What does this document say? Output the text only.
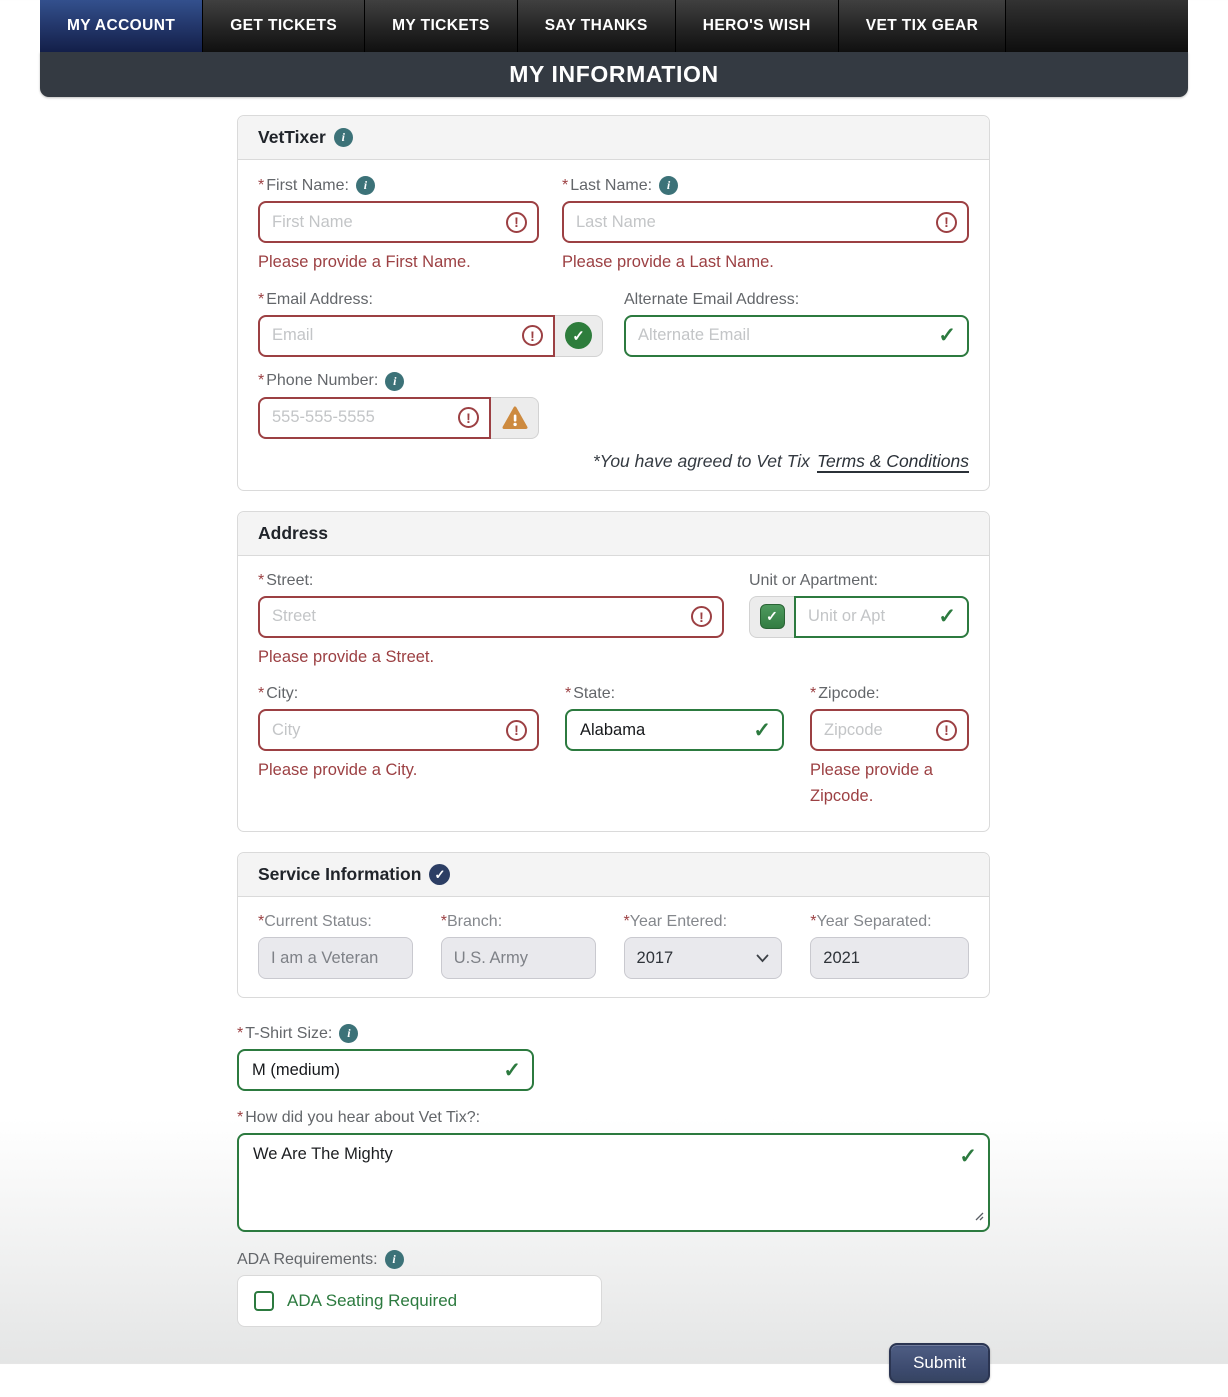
MY ACCOUNT	GET TICKETS	MY TICKETS	SAY THANKS	HERO'S WISH	VET TIX GEAR
MY INFORMATION
VetTixer	i
* First Name:	i
First Name
!
Please provide a First Name.
* Last Name:	i
Last Name
!
Please provide a Last Name.
* Email Address:
Email
!	✓
Alternate Email Address:
Alternate Email
✓
* Phone Number:	i
555-555-5555
!
*You have agreed to Vet Tix Terms & Conditions
Address
* Street:
Street
!
Please provide a Street.
Unit or Apartment:
✓
Unit or Apt	✓
* City:
City
!
Please provide a City.
* State:
Alabama	✓
* Zipcode:
Zipcode
!
Please provide a Zipcode.
Service Information	✓
* Current Status:
I am a Veteran
* Branch:
U.S. Army
* Year Entered:
2017
* Year Separated:
2021
* T-Shirt Size:	i
M (medium)	✓
* How did you hear about Vet Tix?:
We Are The Mighty
✓
ADA Requirements:	i
ADA Seating Required
Submit
